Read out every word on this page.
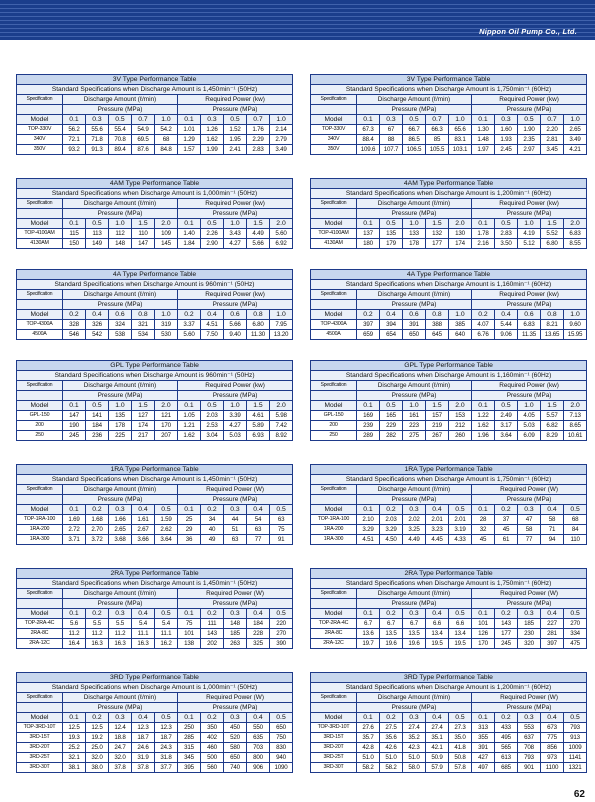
Nippon Oil Pump Co., Ltd.
3V Type Performance Table										
Standard Specifications when Discharge Amount is 1,450min⁻¹ (50Hz)										
Specification	Discharge Amount (ℓ/min)					Required Power (kw)				
	Pressure (MPa)					Pressure (MPa)				
Model	0.1	0.3	0.5	0.7	1.0	0.1	0.3	0.5	0.7	1.0
TOP-330V	56.2	55.6	55.4	54.9	54.2	1.01	1.26	1.52	1.76	2.14
340V	72.1	71.8	70.8	69.5	68	1.29	1.62	1.95	2.29	2.79
350V	93.2	91.3	89.4	87.6	84.8	1.57	1.99	2.41	2.83	3.49
3V Type Performance Table										
Standard Specifications when Discharge Amount is 1,750min⁻¹ (60Hz)										
Specification	Discharge Amount (ℓ/min)					Required Power (kw)				
	Pressure (MPa)					Pressure (MPa)				
Model	0.1	0.3	0.5	0.7	1.0	0.1	0.3	0.5	0.7	1.0
TOP-330V	67.3	67	66.7	66.3	65.6	1.30	1.60	1.90	2.20	2.65
340V	88.4	88	86.5	85	83.1	1.48	1.93	2.35	2.81	3.49
350V	109.6	107.7	106.5	105.5	103.1	1.97	2.45	2.97	3.45	4.21
4AM Type Performance Table										
Standard Specifications when Discharge Amount is 1,000min⁻¹ (50Hz)										
Specification	Discharge Amount (ℓ/min)					Required Power (kw)				
	Pressure (MPa)					Pressure (MPa)				
Model	0.1	0.5	1.0	1.5	2.0	0.1	0.5	1.0	1.5	2.0
TOP-4100AM	115	113	112	110	109	1.40	2.26	3.43	4.49	5.60
4130AM	150	149	148	147	145	1.84	2.90	4.27	5.66	6.92
4AM Type Performance Table										
Standard Specifications when Discharge Amount is 1,200min⁻¹ (60Hz)										
Specification	Discharge Amount (ℓ/min)					Required Power (kw)				
	Pressure (MPa)					Pressure (MPa)				
Model	0.1	0.5	1.0	1.5	2.0	0.1	0.5	1.0	1.5	2.0
TOP-4100AM	137	135	133	132	130	1.78	2.83	4.19	5.52	6.83
4130AM	180	179	178	177	174	2.16	3.50	5.12	6.80	8.55
4A Type Performance Table										
Standard Specifications when Discharge Amount is 960min⁻¹ (50Hz)										
Specification	Discharge Amount (ℓ/min)					Required Power (kw)				
	Pressure (MPa)					Pressure (MPa)				
Model	0.2	0.4	0.6	0.8	1.0	0.2	0.4	0.6	0.8	1.0
TOP-4300A	328	326	324	321	319	3.37	4.51	5.66	6.80	7.95
4500A	546	542	538	534	530	5.60	7.50	9.40	11.30	13.20
4A Type Performance Table										
Standard Specifications when Discharge Amount is 1,160min⁻¹ (60Hz)										
Specification	Discharge Amount (ℓ/min)					Required Power (kw)				
	Pressure (MPa)					Pressure (MPa)				
Model	0.2	0.4	0.6	0.8	1.0	0.2	0.4	0.6	0.8	1.0
TOP-4300A	397	394	391	388	385	4.07	5.44	6.83	8.21	9.60
4500A	659	654	650	645	640	6.76	9.06	11.35	13.65	15.95
GPL Type Performance Table										
Standard Specifications when Discharge Amount is 960min⁻¹ (50Hz)										
Specification	Discharge Amount (ℓ/min)					Required Power (kw)				
	Pressure (MPa)					Pressure (MPa)				
Model	0.1	0.5	1.0	1.5	2.0	0.1	0.5	1.0	1.5	2.0
GPL-150	147	141	135	127	121	1.05	2.03	3.39	4.61	5.98
200	190	184	178	174	170	1.21	2.53	4.27	5.89	7.42
250	245	236	225	217	207	1.62	3.04	5.03	6.93	8.92
GPL Type Performance Table										
Standard Specifications when Discharge Amount is 1,160min⁻¹ (60Hz)										
Specification	Discharge Amount (ℓ/min)					Required Power (kw)				
	Pressure (MPa)					Pressure (MPa)				
Model	0.1	0.5	1.0	1.5	2.0	0.1	0.5	1.0	1.5	2.0
GPL-150	169	165	161	157	153	1.22	2.49	4.05	5.57	7.13
200	239	229	223	219	212	1.62	3.17	5.03	6.82	8.65
250	289	282	275	267	260	1.96	3.64	6.09	8.29	10.61
1RA Type Performance Table										
Standard Specifications when Discharge Amount is 1,450min⁻¹ (50Hz)										
Specification	Discharge Amount (ℓ/min)					Required Power (W)				
	Pressure (MPa)					Pressure (MPa)				
Model	0.1	0.2	0.3	0.4	0.5	0.1	0.2	0.3	0.4	0.5
TOP-1RA-100	1.69	1.68	1.66	1.61	1.59	25	34	44	54	63
1RA-200	2.72	2.70	2.65	2.67	2.62	29	40	51	63	75
1RA-300	3.71	3.72	3.68	3.66	3.64	36	49	63	77	91
1RA Type Performance Table										
Standard Specifications when Discharge Amount is 1,750min⁻¹ (60Hz)										
Specification	Discharge Amount (ℓ/min)					Required Power (W)				
	Pressure (MPa)					Pressure (MPa)				
Model	0.1	0.2	0.3	0.4	0.5	0.1	0.2	0.3	0.4	0.5
TOP-1RA-100	2.10	2.03	2.02	2.01	2.01	28	37	47	58	68
1RA-200	3.29	3.29	3.25	3.23	3.19	32	45	58	71	84
1RA-300	4.51	4.50	4.49	4.45	4.33	45	61	77	94	110
2RA Type Performance Table										
Standard Specifications when Discharge Amount is 1,450min⁻¹ (50Hz)										
Specification	Discharge Amount (ℓ/min)					Required Power (W)				
	Pressure (MPa)					Pressure (MPa)				
Model	0.1	0.2	0.3	0.4	0.5	0.1	0.2	0.3	0.4	0.5
TOP-2RA-4C	5.6	5.5	5.5	5.4	5.4	75	111	148	184	220
2RA-8C	11.2	11.2	11.2	11.1	11.1	101	143	185	228	270
2RA-12C	16.4	16.3	16.3	16.3	16.2	138	202	263	325	390
2RA Type Performance Table										
Standard Specifications when Discharge Amount is 1,750min⁻¹ (60Hz)										
Specification	Discharge Amount (ℓ/min)					Required Power (W)				
	Pressure (MPa)					Pressure (MPa)				
Model	0.1	0.2	0.3	0.4	0.5	0.1	0.2	0.3	0.4	0.5
TOP-2RA-4C	6.7	6.7	6.7	6.6	6.6	101	143	185	227	270
2RA-8C	13.6	13.5	13.5	13.4	13.4	126	177	230	281	334
2RA-12C	19.7	19.6	19.6	19.5	19.5	170	245	320	397	475
3RD Type Performance Table										
Standard Specifications when Discharge Amount is 1,000min⁻¹ (50Hz)										
Specification	Discharge Amount (ℓ/min)					Required Power (W)				
	Pressure (MPa)					Pressure (MPa)				
Model	0.1	0.2	0.3	0.4	0.5	0.1	0.2	0.3	0.4	0.5
TOP-3RD-10T	12.5	12.5	12.4	12.3	12.3	250	350	450	550	650
3RD-15T	19.3	19.2	18.8	18.7	18.7	285	402	520	635	750
3RD-20T	25.2	25.0	24.7	24.6	24.3	315	460	580	703	830
3RD-25T	32.1	32.0	32.0	31.9	31.8	345	500	650	800	940
3RD-30T	38.1	38.0	37.8	37.8	37.7	395	560	740	906	1090
3RD Type Performance Table										
Standard Specifications when Discharge Amount is 1,200min⁻¹ (60Hz)										
Specification	Discharge Amount (ℓ/min)					Required Power (W)				
	Pressure (MPa)					Pressure (MPa)				
Model	0.1	0.2	0.3	0.4	0.5	0.1	0.2	0.3	0.4	0.5
TOP-3RD-10T	27.6	27.5	27.4	27.4	27.3	313	433	553	673	793
3RD-15T	35.7	35.6	35.2	35.1	35.0	355	495	637	775	913
3RD-20T	42.8	42.6	42.3	42.1	41.8	391	565	708	856	1009
3RD-25T	51.0	51.0	51.0	50.9	50.8	427	613	793	973	1141
3RD-30T	58.2	58.2	58.0	57.9	57.8	497	685	901	1100	1321
62
